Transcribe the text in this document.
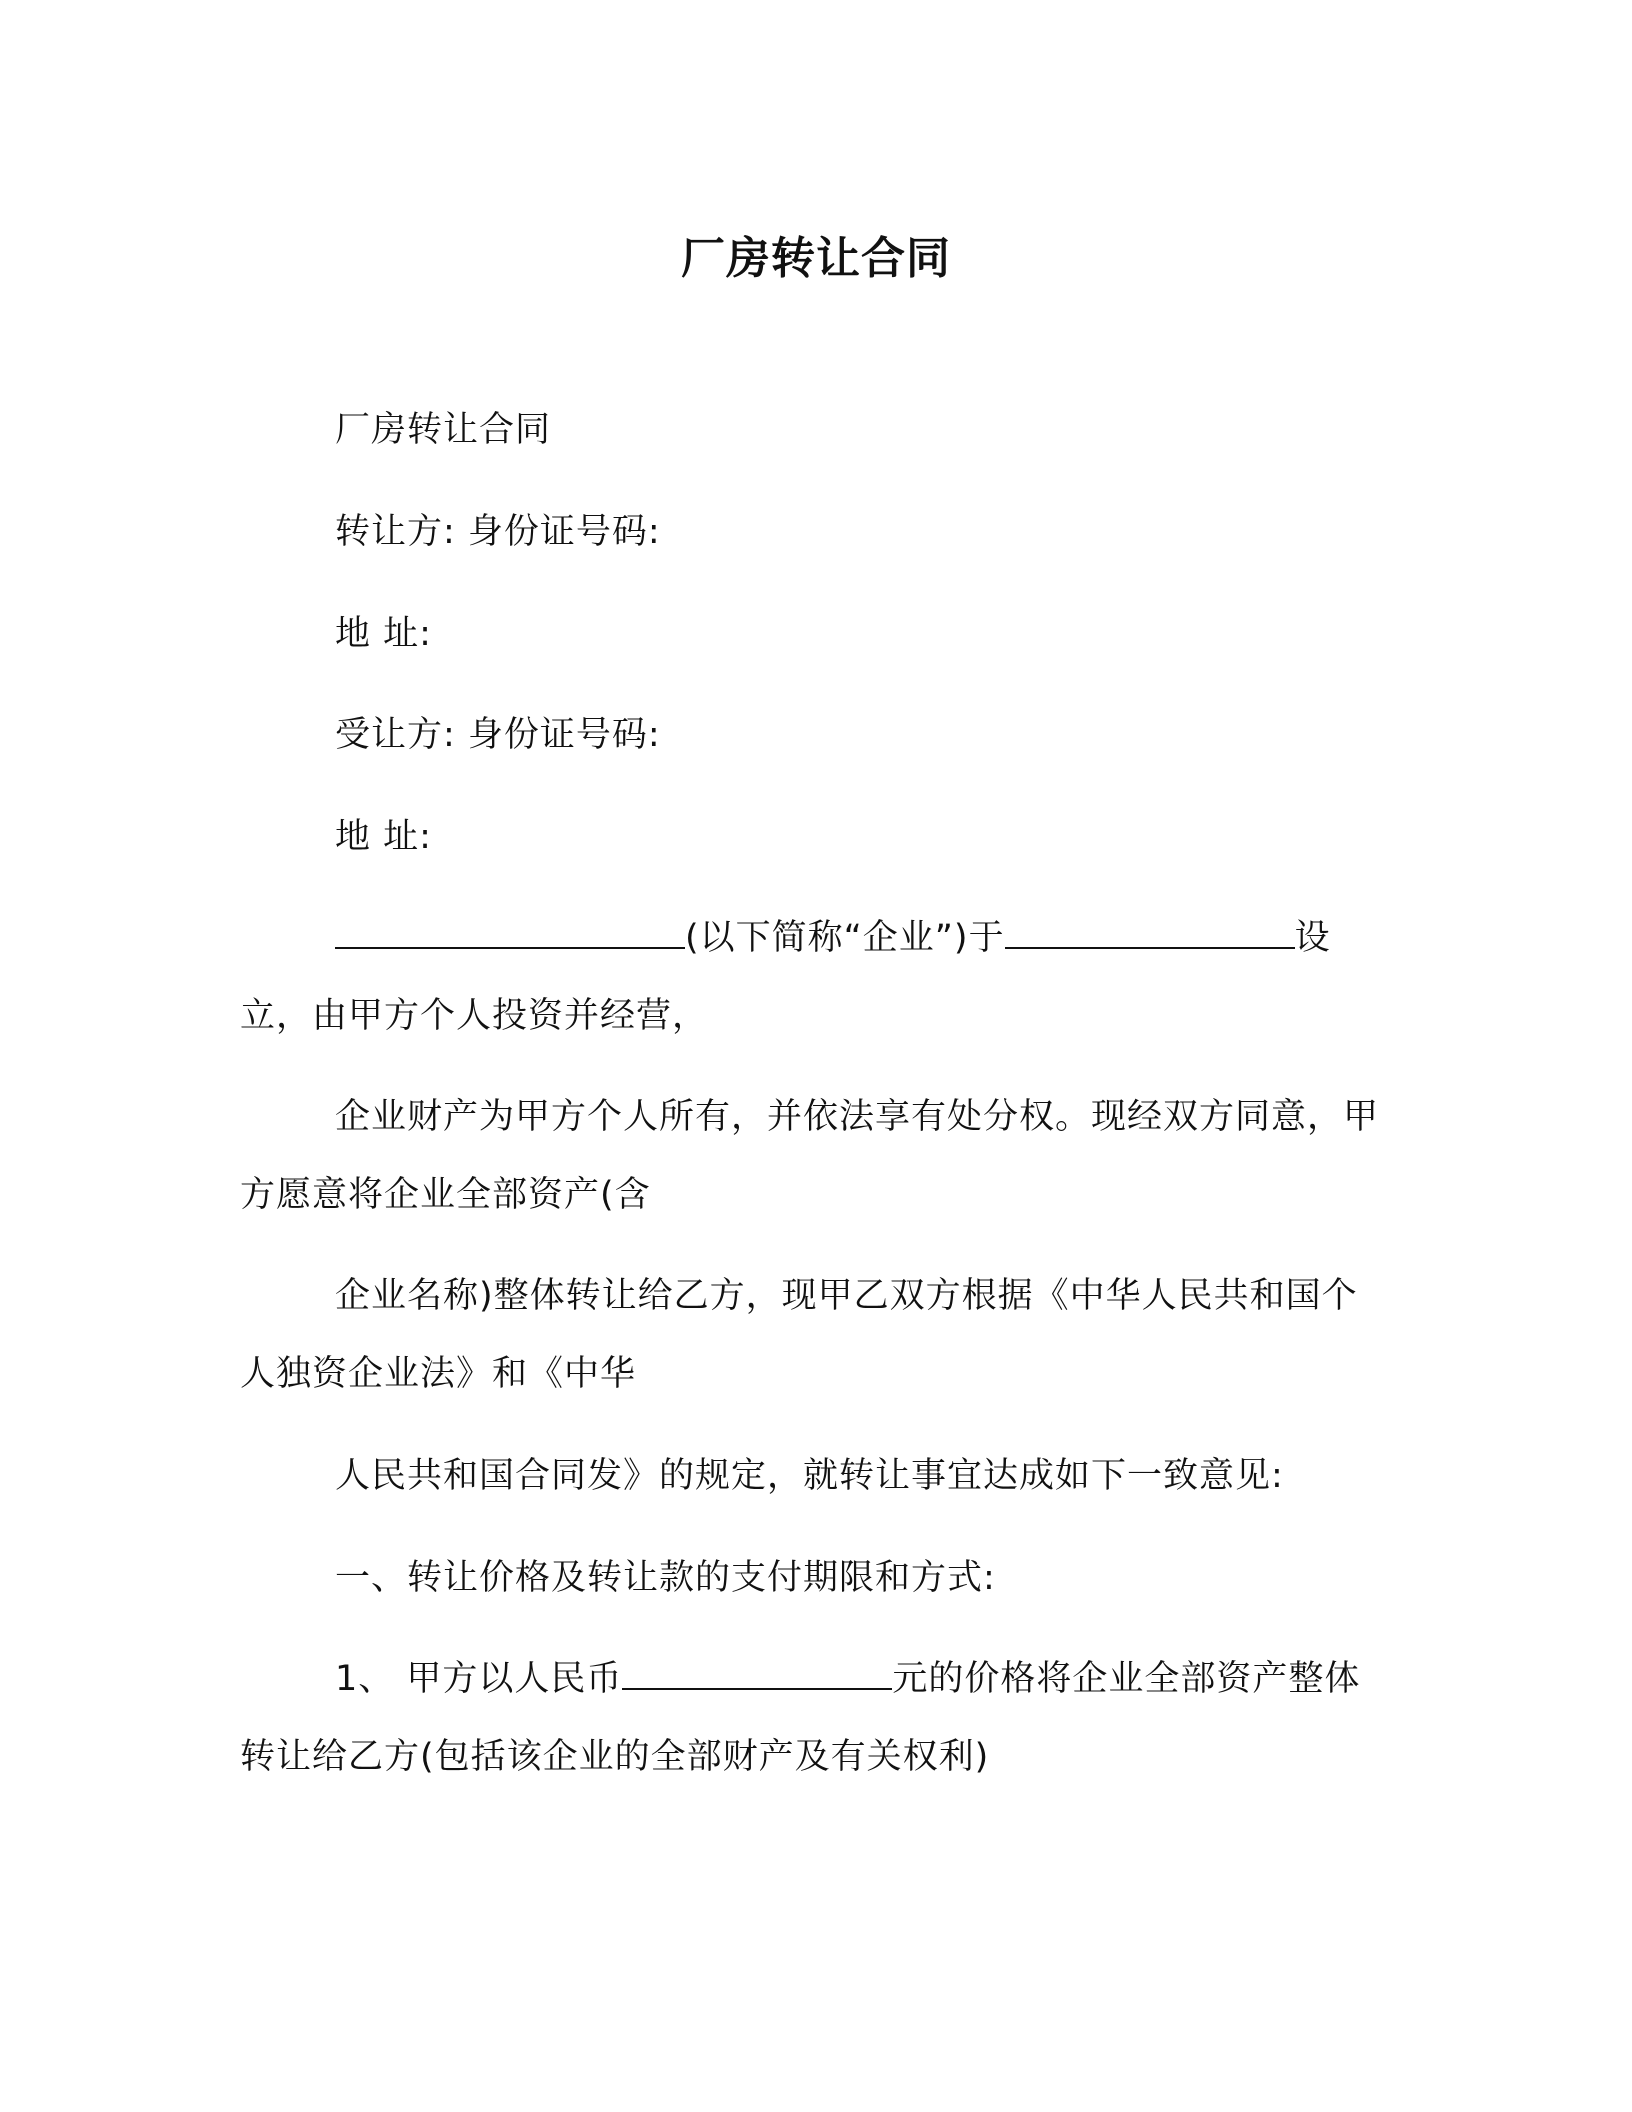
厂房转让合同
厂房转让合同
转让方: 身份证号码:
地 址:
受让方: 身份证号码:
地 址:
(以下简称“企业”)于	设立，由甲方个人投资并经营，
企业财产为甲方个人所有，并依法享有处分权。现经双方同意，甲方愿意将企业全部资产(含
企业名称)整体转让给乙方，现甲乙双方根据《中华人民共和国个人独资企业法》和《中华
人民共和国合同发》的规定，就转让事宜达成如下一致意见:
一、转让价格及转让款的支付期限和方式:
1、 甲方以人民币	元的价格将企业全部资产整体转让给乙方(包括该企业的全部财产及有关权利)
